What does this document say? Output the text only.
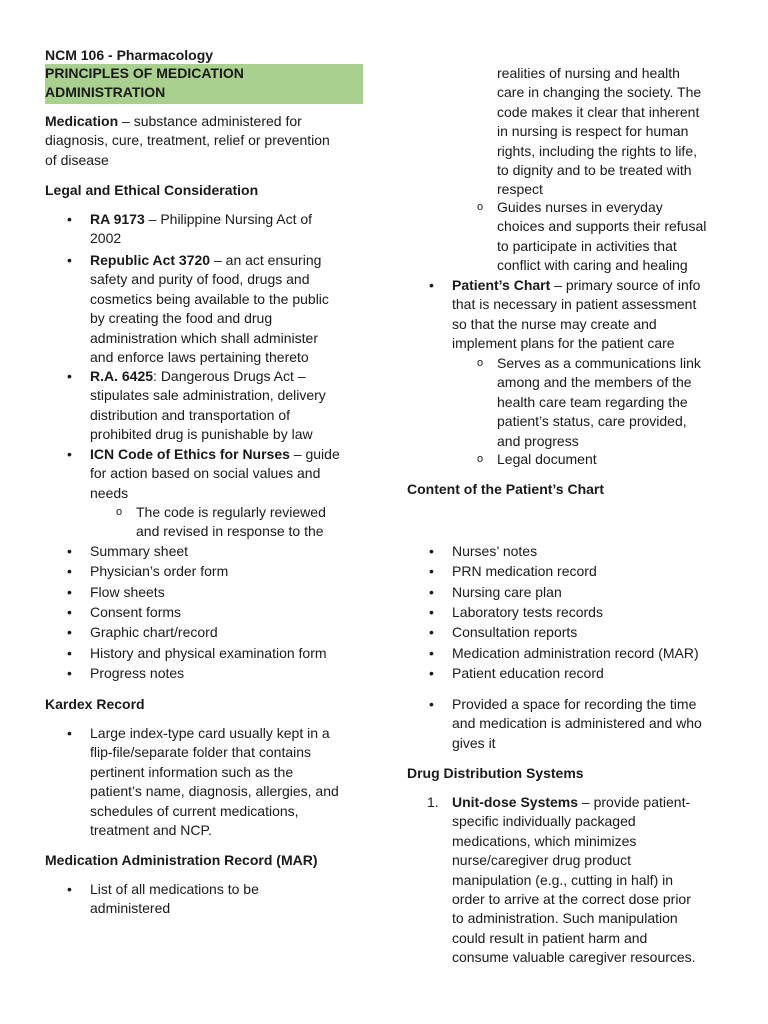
NCM 106 - Pharmacology
PRINCIPLES OF MEDICATION
ADMINISTRATION
Medication – substance administered for
diagnosis, cure, treatment, relief or prevention
of disease
Legal and Ethical Consideration
• RA 9173 – Philippine Nursing Act of
2002
• Republic Act 3720 – an act ensuring
safety and purity of food, drugs and
cosmetics being available to the public
by creating the food and drug
administration which shall administer
and enforce laws pertaining thereto
• R.A. 6425: Dangerous Drugs Act –
stipulates sale administration, delivery
distribution and transportation of
prohibited drug is punishable by law
• ICN Code of Ethics for Nurses – guide
for action based on social values and
needs
o The code is regularly reviewed
and revised in response to the
• Summary sheet
• Physician’s order form
• Flow sheets
• Consent forms
• Graphic chart/record
• History and physical examination form
• Progress notes
Kardex Record
• Large index-type card usually kept in a
flip-file/separate folder that contains
pertinent information such as the
patient’s name, diagnosis, allergies, and
schedules of current medications,
treatment and NCP.
Medication Administration Record (MAR)
• List of all medications to be
administered
realities of nursing and health
care in changing the society. The
code makes it clear that inherent
in nursing is respect for human
rights, including the rights to life,
to dignity and to be treated with
respect
o Guides nurses in everyday
choices and supports their refusal
to participate in activities that
conflict with caring and healing
• Patient’s Chart – primary source of info
that is necessary in patient assessment
so that the nurse may create and
implement plans for the patient care
o Serves as a communications link
among and the members of the
health care team regarding the
patient’s status, care provided,
and progress
o Legal document
Content of the Patient’s Chart
• Nurses’ notes
• PRN medication record
• Nursing care plan
• Laboratory tests records
• Consultation reports
• Medication administration record (MAR)
• Patient education record
• Provided a space for recording the time
and medication is administered and who
gives it
Drug Distribution Systems
1. Unit-dose Systems – provide patient-
specific individually packaged
medications, which minimizes
nurse/caregiver drug product
manipulation (e.g., cutting in half) in
order to arrive at the correct dose prior
to administration. Such manipulation
could result in patient harm and
consume valuable caregiver resources.
